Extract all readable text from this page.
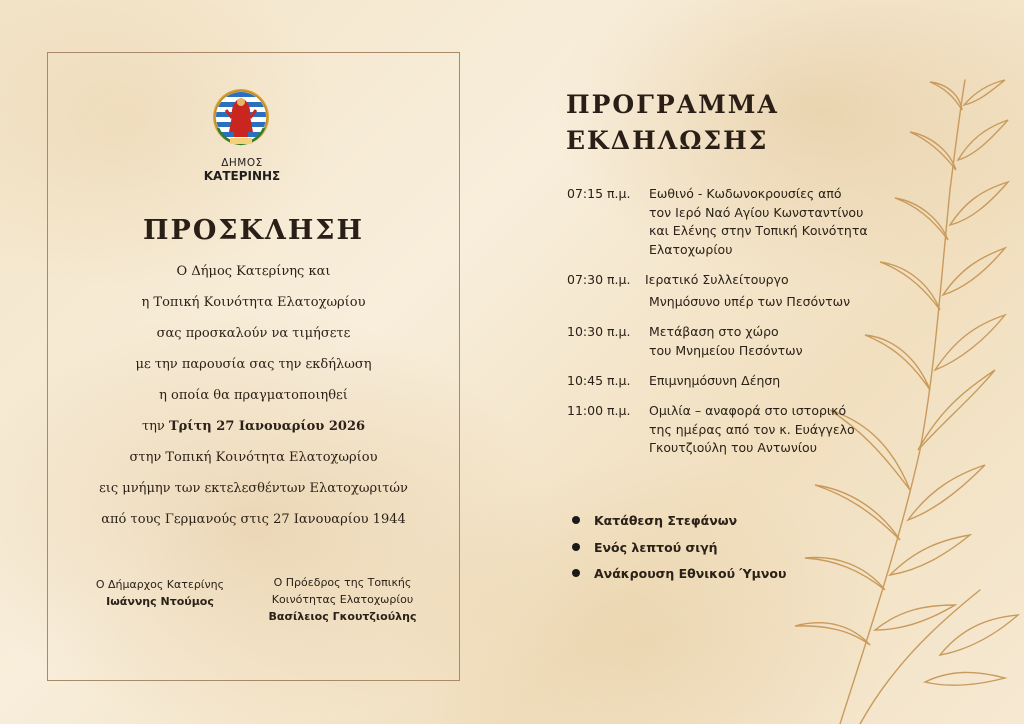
ΔΗΜΟΣ
ΚΑΤΕΡΙΝΗΣ
ΠΡΟΣΚΛΗΣΗ
Ο Δήμος Κατερίνης και
η Τοπική Κοινότητα Ελατοχωρίου
σας προσκαλούν να τιμήσετε
με την παρουσία σας την εκδήλωση
η οποία θα πραγματοποιηθεί
την Τρίτη 27 Ιανουαρίου 2026
στην Τοπική Κοινότητα Ελατοχωρίου
εις μνήμην των εκτελεσθέντων Ελατοχωριτών
από τους Γερμανούς στις 27 Ιανουαρίου 1944
Ο Δήμαρχος Κατερίνης
Ιωάννης Ντούμος
Ο Πρόεδρος της Τοπικής
Κοινότητας Ελατοχωρίου
Βασίλειος Γκουτζιούλης
ΠΡΟΓΡΑΜΜΑ
ΕΚΔΗΛΩΣΗΣ
07:15 π.μ.	Εωθινό - Κωδωνοκρουσίες από
τον Ιερό Ναό Αγίου Κωνσταντίνου
και Ελένης στην Τοπική Κοινότητα
Ελατοχωρίου
07:30 π.μ.	Ιερατικό Συλλείτουργο
Μνημόσυνο υπέρ των Πεσόντων
10:30 π.μ.	Μετάβαση στο χώρο
του Μνημείου Πεσόντων
10:45 π.μ.	Επιμνημόσυνη Δέηση
11:00 π.μ.	Ομιλία – αναφορά στο ιστορικό
της ημέρας από τον κ. Ευάγγελο
Γκουτζιούλη του Αντωνίου
Κατάθεση Στεφάνων
Ενός λεπτού σιγή
Ανάκρουση Εθνικού Ύμνου
